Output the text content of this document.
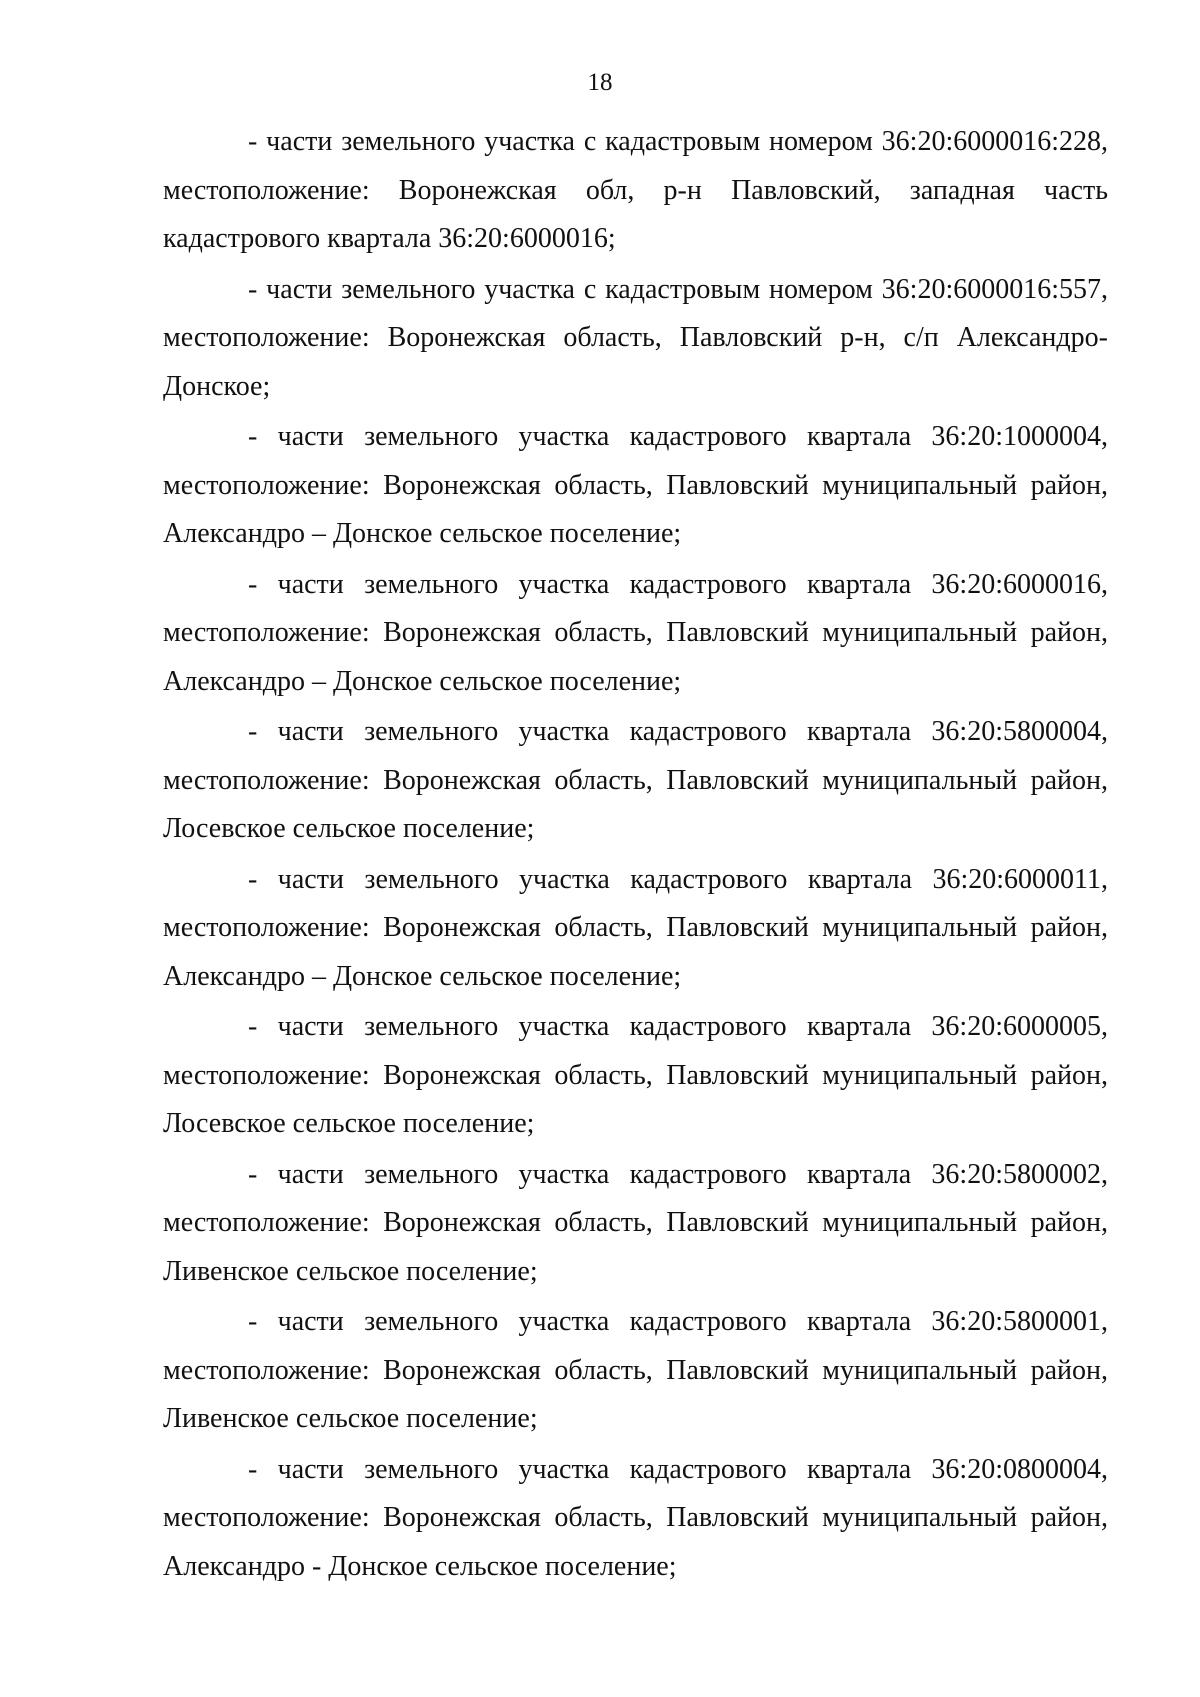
18

- части земельного участка с кадастровым номером 36:20:6000016:228, местоположение: Воронежская обл, р-н Павловский, западная часть кадастрового квартала 36:20:6000016;

- части земельного участка с кадастровым номером 36:20:6000016:557, местоположение: Воронежская область, Павловский р-н, с/п Александро-Донское;

- части земельного участка кадастрового квартала 36:20:1000004, местоположение: Воронежская область, Павловский муниципальный район, Александро – Донское сельское поселение;

- части земельного участка кадастрового квартала 36:20:6000016, местоположение: Воронежская область, Павловский муниципальный район, Александро – Донское сельское поселение;

- части земельного участка кадастрового квартала 36:20:5800004, местоположение: Воронежская область, Павловский муниципальный район, Лосевское сельское поселение;

- части земельного участка кадастрового квартала 36:20:6000011, местоположение: Воронежская область, Павловский муниципальный район, Александро – Донское сельское поселение;

- части земельного участка кадастрового квартала 36:20:6000005, местоположение: Воронежская область, Павловский муниципальный район, Лосевское сельское поселение;

- части земельного участка кадастрового квартала 36:20:5800002, местоположение: Воронежская область, Павловский муниципальный район, Ливенское сельское поселение;

- части земельного участка кадастрового квартала 36:20:5800001, местоположение: Воронежская область, Павловский муниципальный район, Ливенское сельское поселение;

- части земельного участка кадастрового квартала 36:20:0800004, местоположение: Воронежская область, Павловский муниципальный район, Александро - Донское сельское поселение;
